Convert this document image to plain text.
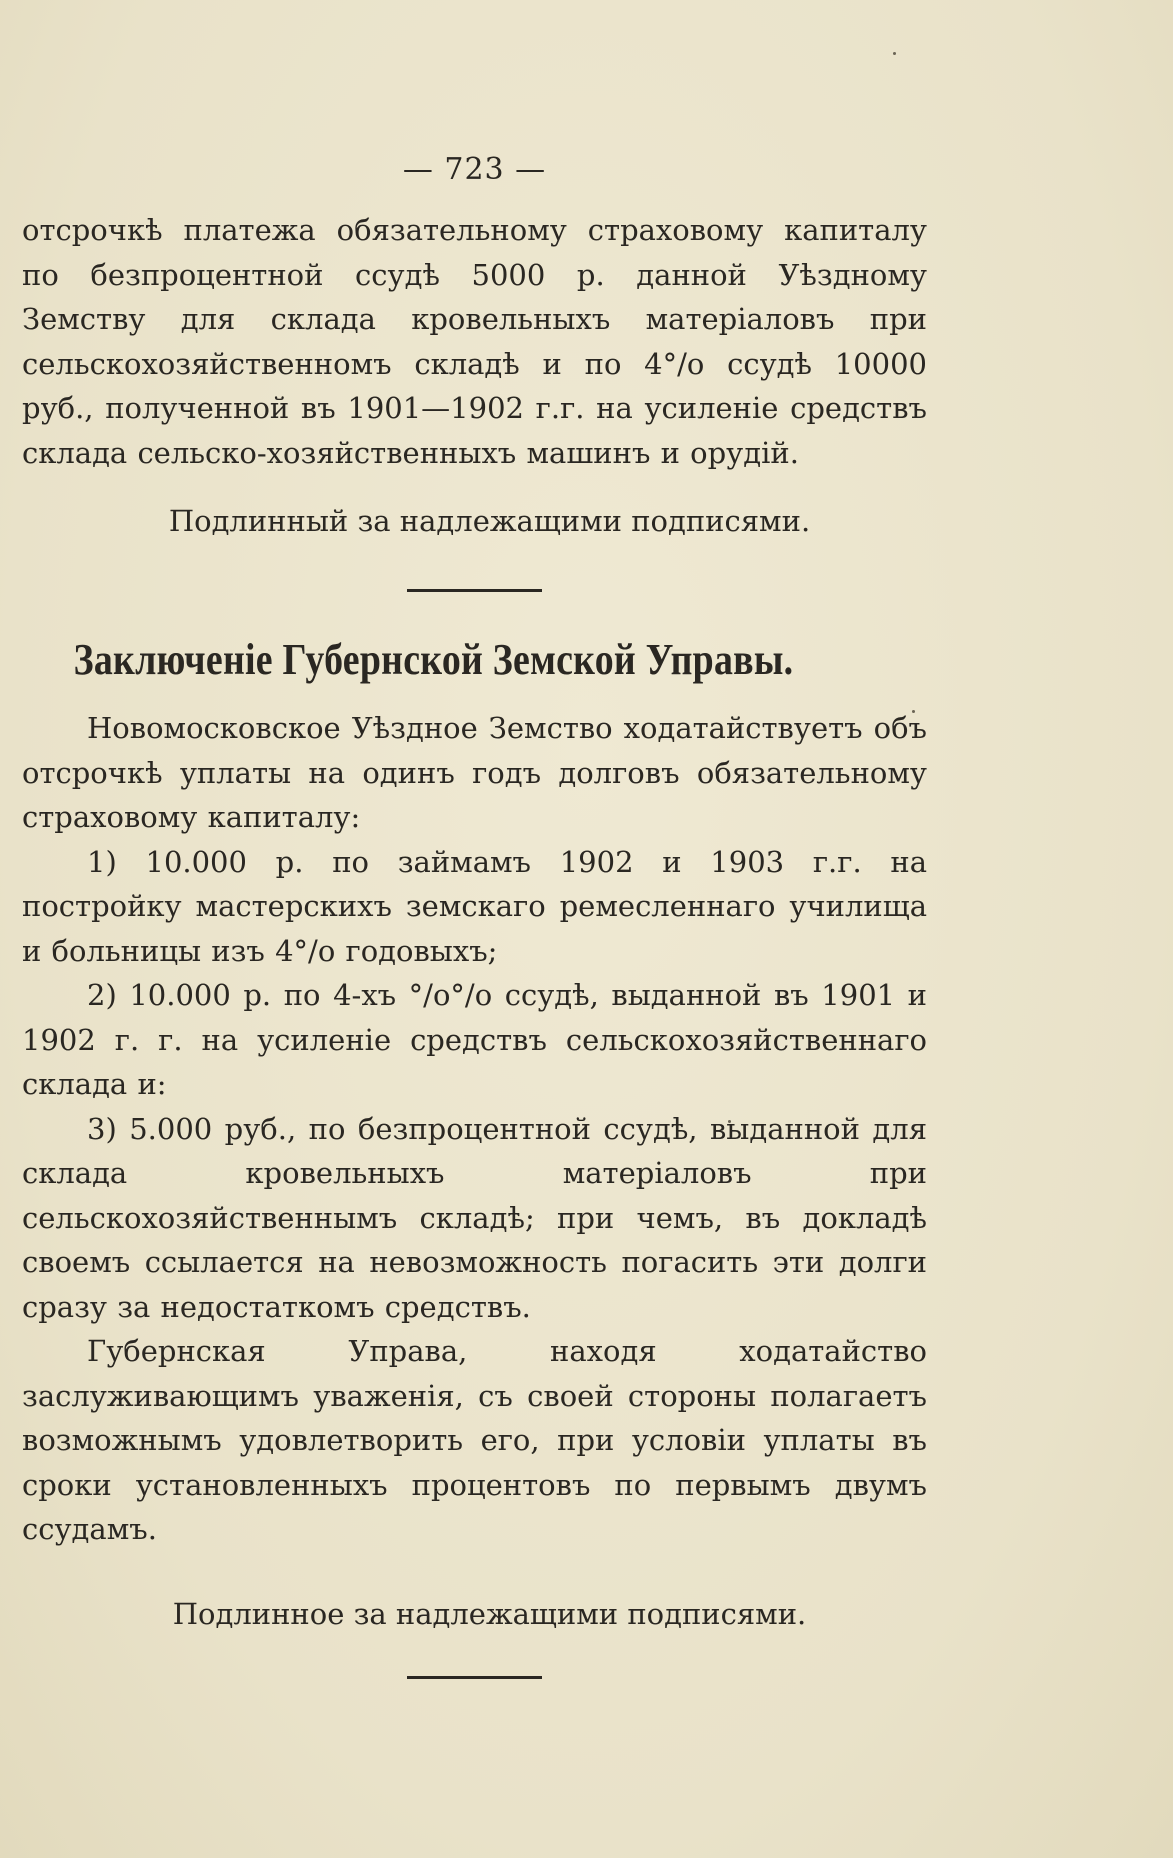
— 723 —

отсрочкѣ платежа обязательному страховому капиталу по безпроцентной ссудѣ 5000 р. данной Уѣздному Земству для склада кровельныхъ матеріаловъ при сельскохозяйственномъ складѣ и по 4°/o ссудѣ 10000 руб., полученной въ 1901—1902 г.г. на усиленіе средствъ склада сельско-хозяйственныхъ машинъ и орудій.

Подлинный за надлежащими подписями.
Заключеніе Губернской Земской Управы.

Новомосковское Уѣздное Земство ходатайствуетъ объ отсрочкѣ уплаты на одинъ годъ долговъ обязательному страховому капиталу:

1) 10.000 р. по займамъ 1902 и 1903 г.г. на постройку мастерскихъ земскаго ремесленнаго училища и больницы изъ 4°/o годовыхъ;

2) 10.000 р. по 4-хъ °/o°/o ссудѣ, выданной въ 1901 и 1902 г. г. на усиленіе средствъ сельскохозяйственнаго склада и:

3) 5.000 руб., по безпроцентной ссудѣ, выданной для склада кровельныхъ матеріаловъ при сельскохозяйственнымъ складѣ; при чемъ, въ докладѣ своемъ ссылается на невозможность погасить эти долги сразу за недостаткомъ средствъ.

Губернская Управа, находя ходатайство заслуживающимъ уваженія, съ своей стороны полагаетъ возможнымъ удовлетворить его, при условіи уплаты въ сроки установленныхъ процентовъ по первымъ двумъ ссудамъ.

Подлинное за надлежащими подписями.
